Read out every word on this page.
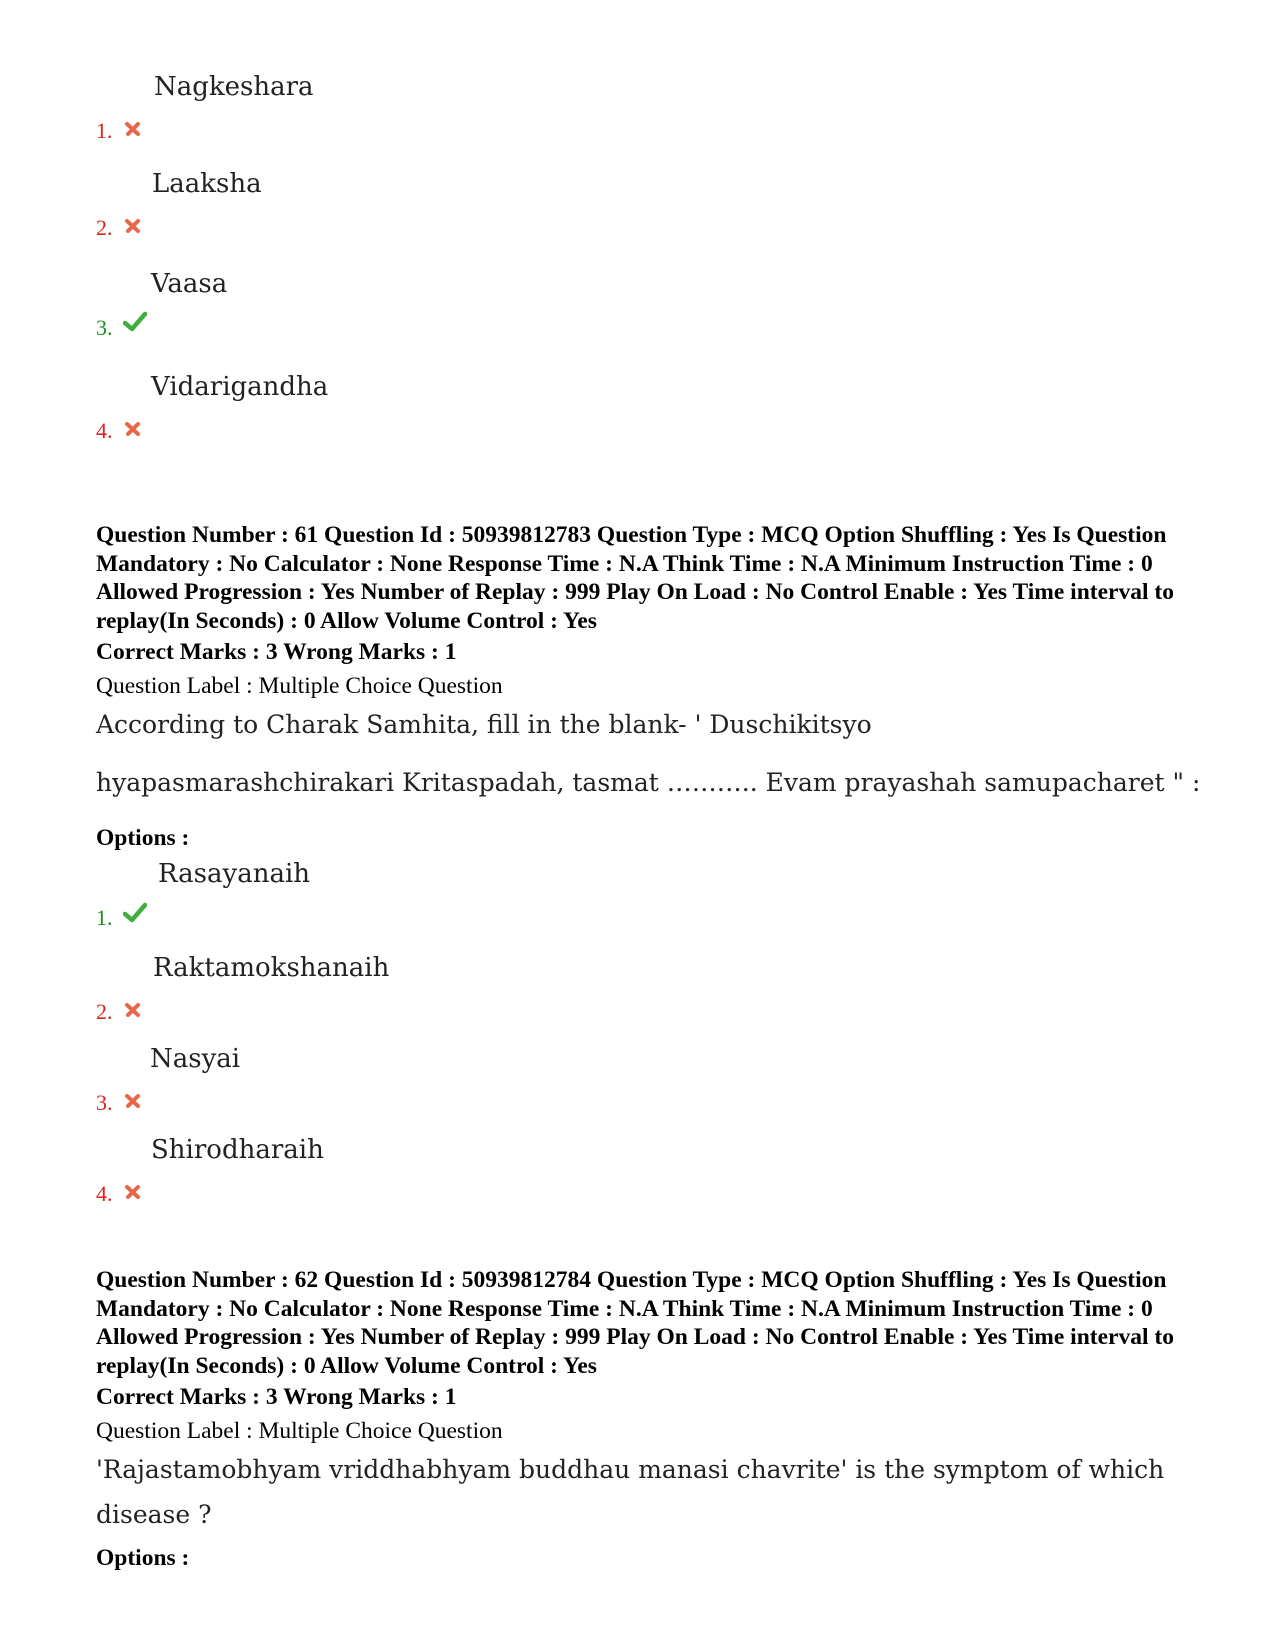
1.
Nagkeshara
2.
Laaksha
3.
Vaasa
4.
Vidarigandha

Question Number : 61 Question Id : 50939812783 Question Type : MCQ Option Shuffling : Yes Is Question Mandatory : No Calculator : None Response Time : N.A Think Time : N.A Minimum Instruction Time : 0 Allowed Progression : Yes Number of Replay : 999 Play On Load : No Control Enable : Yes Time interval to replay(In Seconds) : 0 Allow Volume Control : Yes

Correct Marks : 3 Wrong Marks : 1

Question Label : Multiple Choice Question

According to Charak Samhita, fill in the blank- ' Duschikitsyo

hyapasmarashchirakari Kritaspadah, tasmat ……….. Evam prayashah samupacharet " :

Options :

1.
Rasayanaih
2.
Raktamokshanaih
3.
Nasyai
4.
Shirodharaih

Question Number : 62 Question Id : 50939812784 Question Type : MCQ Option Shuffling : Yes Is Question Mandatory : No Calculator : None Response Time : N.A Think Time : N.A Minimum Instruction Time : 0 Allowed Progression : Yes Number of Replay : 999 Play On Load : No Control Enable : Yes Time interval to replay(In Seconds) : 0 Allow Volume Control : Yes

Correct Marks : 3 Wrong Marks : 1

Question Label : Multiple Choice Question

'Rajastamobhyam vriddhabhyam buddhau manasi chavrite' is the symptom of which

disease ?

Options :
